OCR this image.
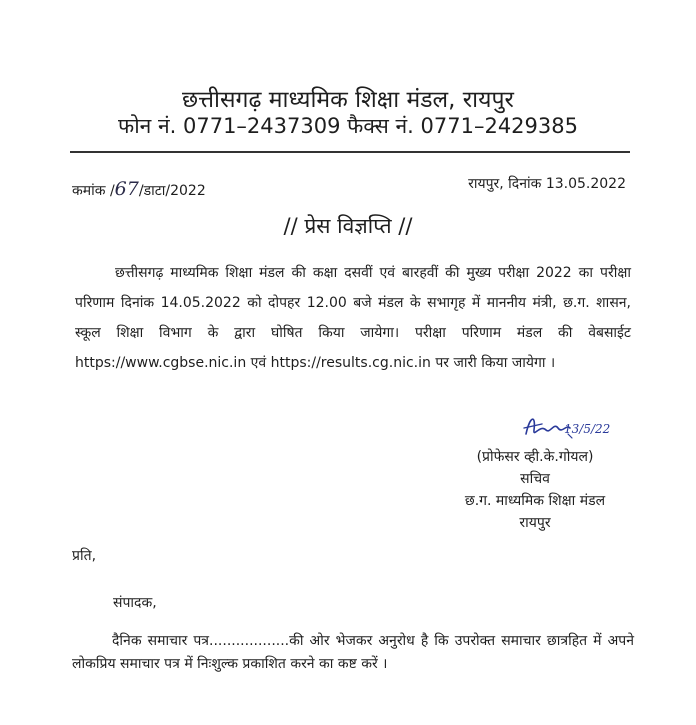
छत्तीसगढ़ माध्यमिक शिक्षा मंडल, रायपुर
फोन नं. 0771–2437309 फैक्स नं. 0771–2429385
कमांक /67/डाटा/2022	रायपुर, दिनांक 13.05.2022
// प्रेस विज्ञप्ति //
छत्तीसगढ़ माध्यमिक शिक्षा मंडल की कक्षा दसवीं एवं बारहवीं की मुख्य परीक्षा 2022 का परीक्षा परिणाम दिनांक 14.05.2022 को दोपहर 12.00 बजे मंडल के सभागृह में माननीय मंत्री, छ.ग. शासन, स्कूल शिक्षा विभाग के द्वारा घोषित किया जायेगा। परीक्षा परिणाम मंडल की वेबसाईट https://www.cgbse.nic.in एवं https://results.cg.nic.in पर जारी किया जायेगा ।
13/5/22
(प्रोफेसर व्ही.के.गोयल)
सचिव
छ.ग. माध्यमिक शिक्षा मंडल
रायपुर
प्रति,
संपादक,
दैनिक समाचार पत्र..................की ओर भेजकर अनुरोध है कि उपरोक्त समाचार छात्रहित में अपने लोकप्रिय समाचार पत्र में निःशुल्क प्रकाशित करने का कष्ट करें ।
